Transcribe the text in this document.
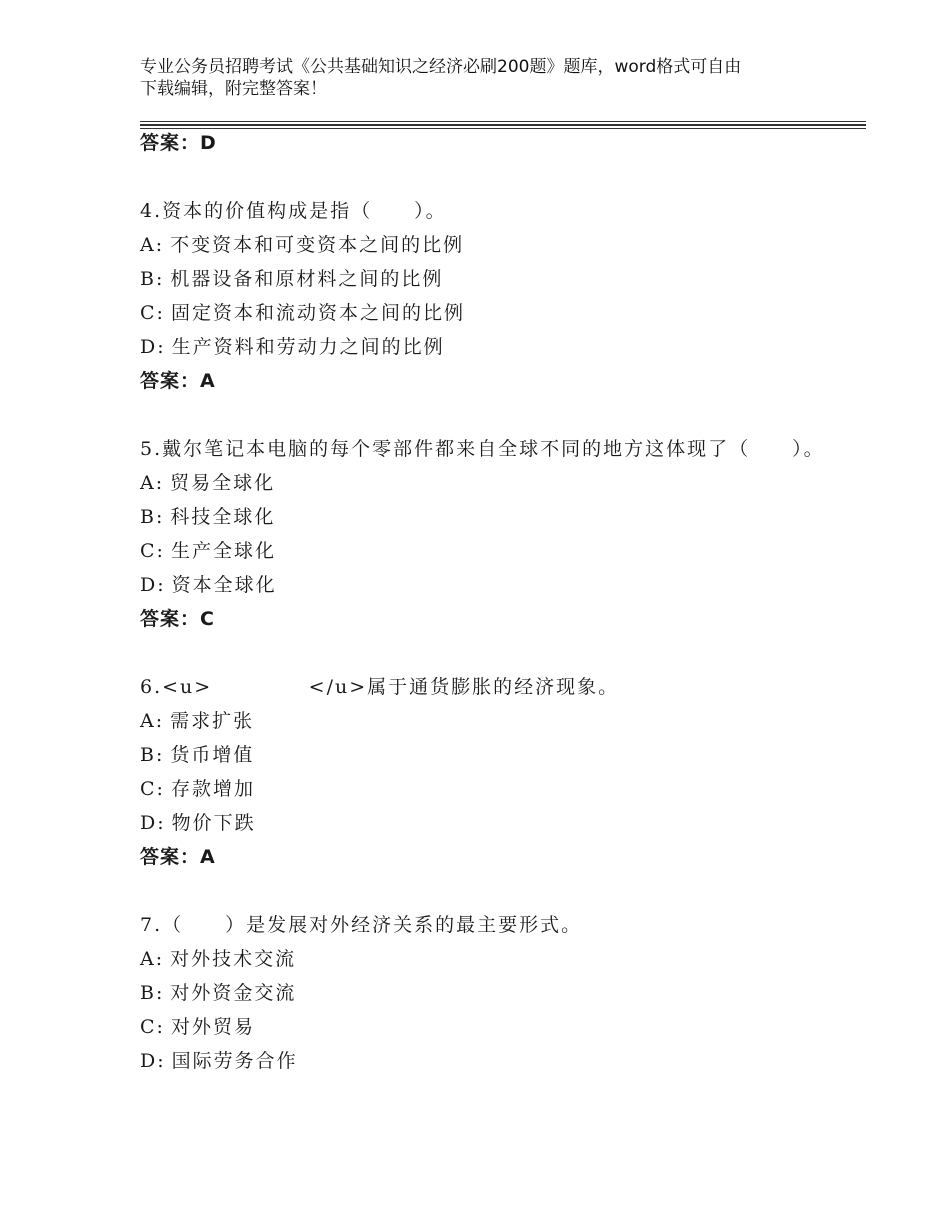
专业公务员招聘考试《公共基础知识之经济必刷200题》题库，word格式可自由
下载编辑，附完整答案！
答案：D
4.资本的价值构成是指（　　）。
A: 不变资本和可变资本之间的比例
B: 机器设备和原材料之间的比例
C: 固定资本和流动资本之间的比例
D: 生产资料和劳动力之间的比例
答案：A
5.戴尔笔记本电脑的每个零部件都来自全球不同的地方这体现了（　　）。
A: 贸易全球化
B: 科技全球化
C: 生产全球化
D: 资本全球化
答案：C
6.<u>            </u>属于通货膨胀的经济现象。
A: 需求扩张
B: 货币增值
C: 存款增加
D: 物价下跌
答案：A
7.（　　）是发展对外经济关系的最主要形式。
A: 对外技术交流
B: 对外资金交流
C: 对外贸易
D: 国际劳务合作
